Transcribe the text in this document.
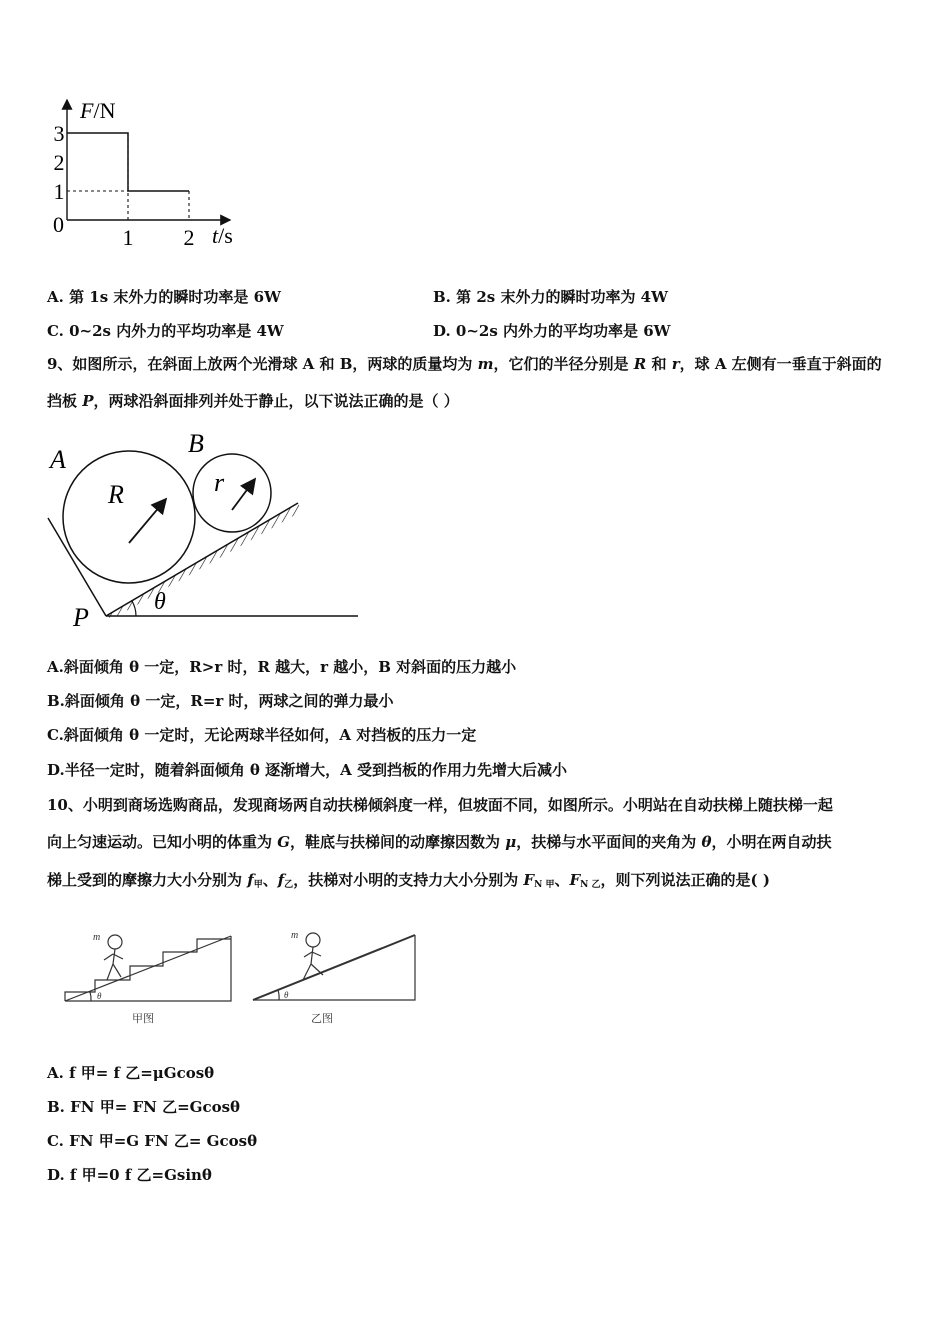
1 2
3
2
1
F/N
t/s
0
A. 第 1s 末外力的瞬时功率是 6W	B. 第 2s 末外力的瞬时功率为 4W
C. 0~2s 内外力的平均功率是 4W	D. 0~2s 内外力的平均功率是 6W
9、如图所示，在斜面上放两个光滑球 A 和 B，两球的质量均为 m，它们的半径分别是 R 和 r，球 A 左侧有一垂直于斜面的
挡板 P，两球沿斜面排列并处于静止，以下说法正确的是（ ）
A
B
R	r
P
θ
A.斜面倾角 θ 一定，R>r 时，R 越大，r 越小，B 对斜面的压力越小
B.斜面倾角 θ 一定，R=r 时，两球之间的弹力最小
C.斜面倾角 θ 一定时，无论两球半径如何，A 对挡板的压力一定
D.半径一定时，随着斜面倾角 θ 逐渐增大，A 受到挡板的作用力先增大后减小
10、小明到商场选购商品，发现商场两自动扶梯倾斜度一样，但坡面不同，如图所示。小明站在自动扶梯上随扶梯一起
向上匀速运动。已知小明的体重为 G，鞋底与扶梯间的动摩擦因数为 μ，扶梯与水平面间的夹角为 θ，小明在两自动扶
梯上受到的摩擦力大小分别为 $f_甲$、$f_乙$，扶梯对小明的支持力大小分别为 $F_{N 甲}$、$F_{N 乙}$，则下列说法正确的是( )
m
θ
甲图
m
θ
乙图
A. f 甲= f 乙=μGcosθ
B. FN 甲= FN 乙=Gcosθ
C. FN 甲=G FN 乙= Gcosθ
D. f 甲=0 f 乙=Gsinθ
